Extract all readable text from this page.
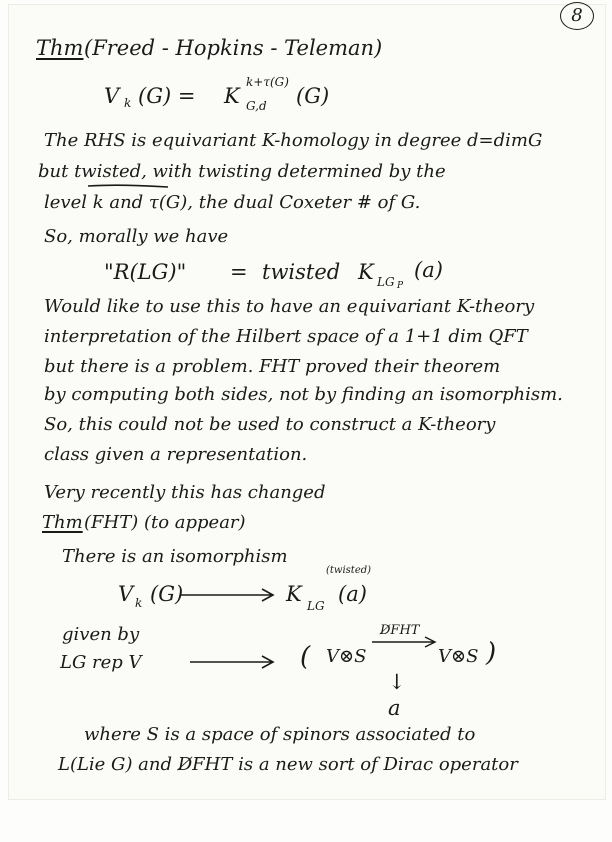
8
Thm (Freed - Hopkins - Teleman)
V k (G) = K
k+τ(G)
G,d (G)
The RHS is equivariant K-homology in degree d=dimG
but twisted, with twisting determined by the
level k and τ(G), the dual Coxeter # of G.
So, morally we have
"R(LG)" = twisted K LG P
(a)
Would like to use this to have an equivariant K-theory
interpretation of the Hilbert space of a 1+1 dim QFT
but there is a problem. FHT proved their theorem
by computing both sides, not by finding an isomorphism.
So, this could not be used to construct a K-theory
class given a representation.
Very recently this has changed
Thm (FHT) (to appear)
There is an isomorphism
V k (G)	K LG
(twisted)
(a)
given by
LG rep V	( V⊗S
D̸FHT
V⊗S )
↓
a
where S is a space of spinors associated to
L(Lie G) and D̸FHT is a new sort of Dirac operator
